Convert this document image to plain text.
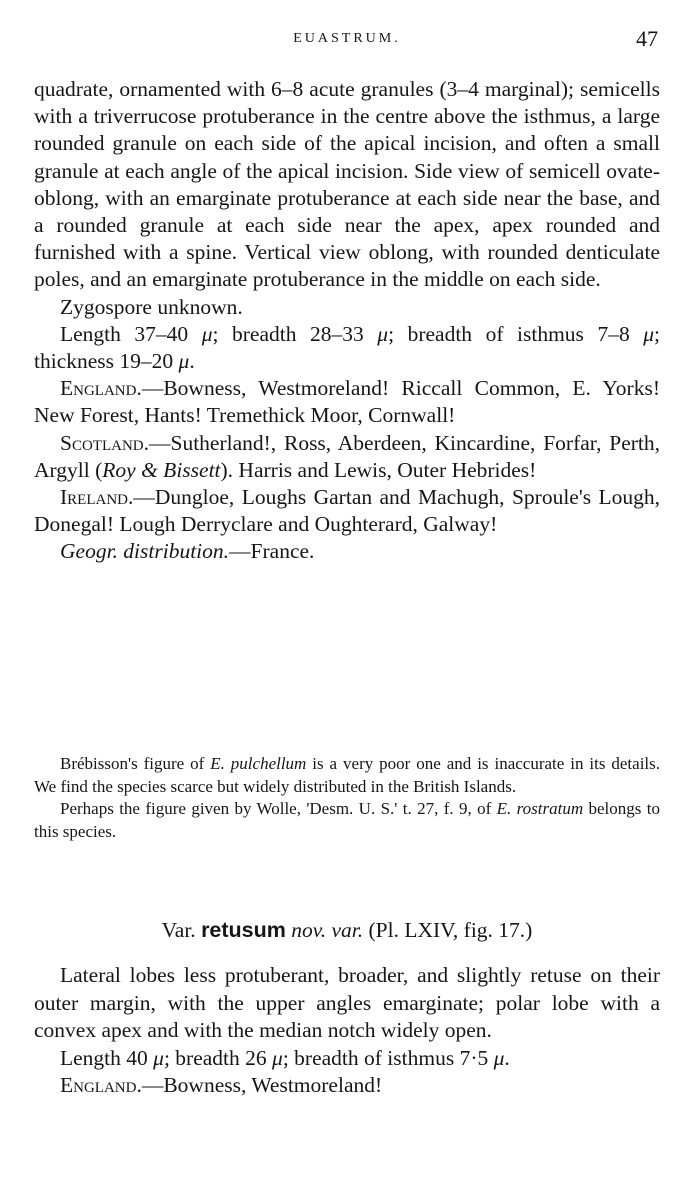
EUASTRUM.	47

quadrate, ornamented with 6–8 acute granules (3–4 marginal); semicells with a triverrucose protuberance in the centre above the isthmus, a large rounded granule on each side of the apical incision, and often a small granule at each angle of the apical incision. Side view of semicell ovate-oblong, with an emarginate protuberance at each side near the base, and a rounded granule at each side near the apex, apex rounded and furnished with a spine. Vertical view oblong, with rounded denticulate poles, and an emarginate protuberance in the middle on each side.

Zygospore unknown.

Length 37–40 μ; breadth 28–33 μ; breadth of isthmus 7–8 μ; thickness 19–20 μ.

England.—Bowness, Westmoreland! Riccall Common, E. Yorks! New Forest, Hants! Tremethick Moor, Cornwall!

Scotland.—Sutherland!, Ross, Aberdeen, Kincardine, Forfar, Perth, Argyll (Roy & Bissett). Harris and Lewis, Outer Hebrides!

Ireland.—Dungloe, Loughs Gartan and Machugh, Sproule's Lough, Donegal! Lough Derryclare and Oughterard, Galway!

Geogr. distribution.—France.

Brébisson's figure of E. pulchellum is a very poor one and is inaccurate in its details. We find the species scarce but widely distributed in the British Islands.

Perhaps the figure given by Wolle, 'Desm. U. S.' t. 27, f. 9, of E. rostratum belongs to this species.

Var. retusum nov. var. (Pl. LXIV, fig. 17.)

Lateral lobes less protuberant, broader, and slightly retuse on their outer margin, with the upper angles emarginate; polar lobe with a convex apex and with the median notch widely open.

Length 40 μ; breadth 26 μ; breadth of isthmus 7·5 μ.

England.—Bowness, Westmoreland!
